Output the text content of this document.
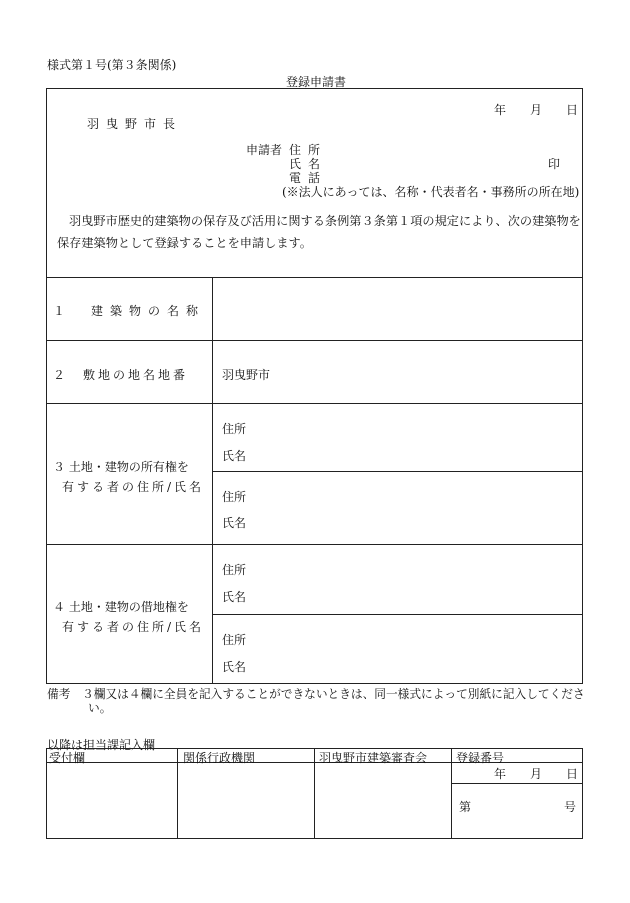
様式第１号(第３条関係)
登録申請書
年 月 日
羽曳野市長
申請者 住所
氏名	印
電話
(※法人にあっては、名称・代表者名・事務所の所在地)
羽曳野市歴史的建築物の保存及び活用に関する条例第３条第１項の規定により、次の建築物を
保存建築物として登録することを申請します。
１　建築物の名称
２　敷地の地名地番	羽曳野市
３ 土地・建物の所有権を
有する者の住所/氏名
住所
氏名
住所
氏名
４ 土地・建物の借地権を
有する者の住所/氏名
住所
氏名
住所
氏名
備考　３欄又は４欄に全員を記入することができないときは、同一様式によって別紙に記入してくださ
い。
以降は担当課記入欄
受付欄	関係行政機関	羽曳野市建築審査会 登録番号
年 月 日
第	号
